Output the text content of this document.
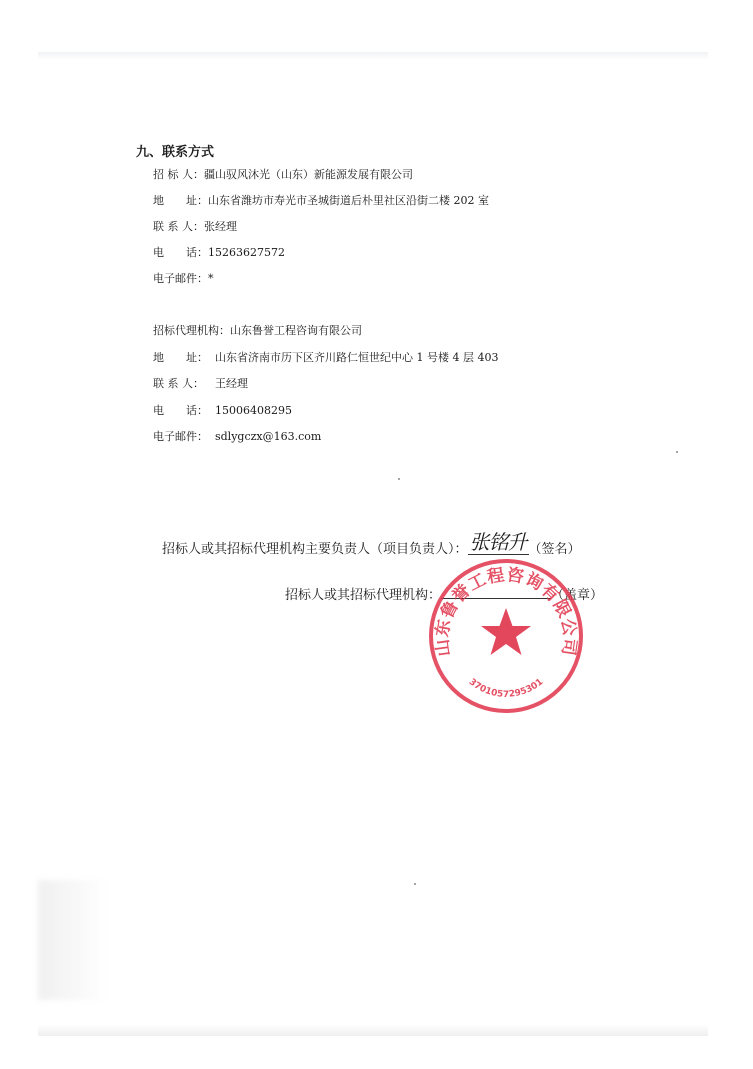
九、联系方式
招 标 人：疆山驭风沐光（山东）新能源发展有限公司
地　　址：山东省潍坊市寿光市圣城街道后朴里社区沿街二楼 202 室
联 系 人：张经理
电　　话：15263627572
电子邮件：*
招标代理机构：山东鲁誉工程咨询有限公司
地　　址： 山东省济南市历下区齐川路仁恒世纪中心 1 号楼 4 层 403
联 系 人： 王经理
电　　话： 15006408295
电子邮件： sdlygczx@163.com
招标人或其招标代理机构主要负责人（项目负责人）： 张铭升 （签名）
招标人或其招标代理机构：	（盖章）
山东鲁誉工程咨询有限公司
3701057295301
